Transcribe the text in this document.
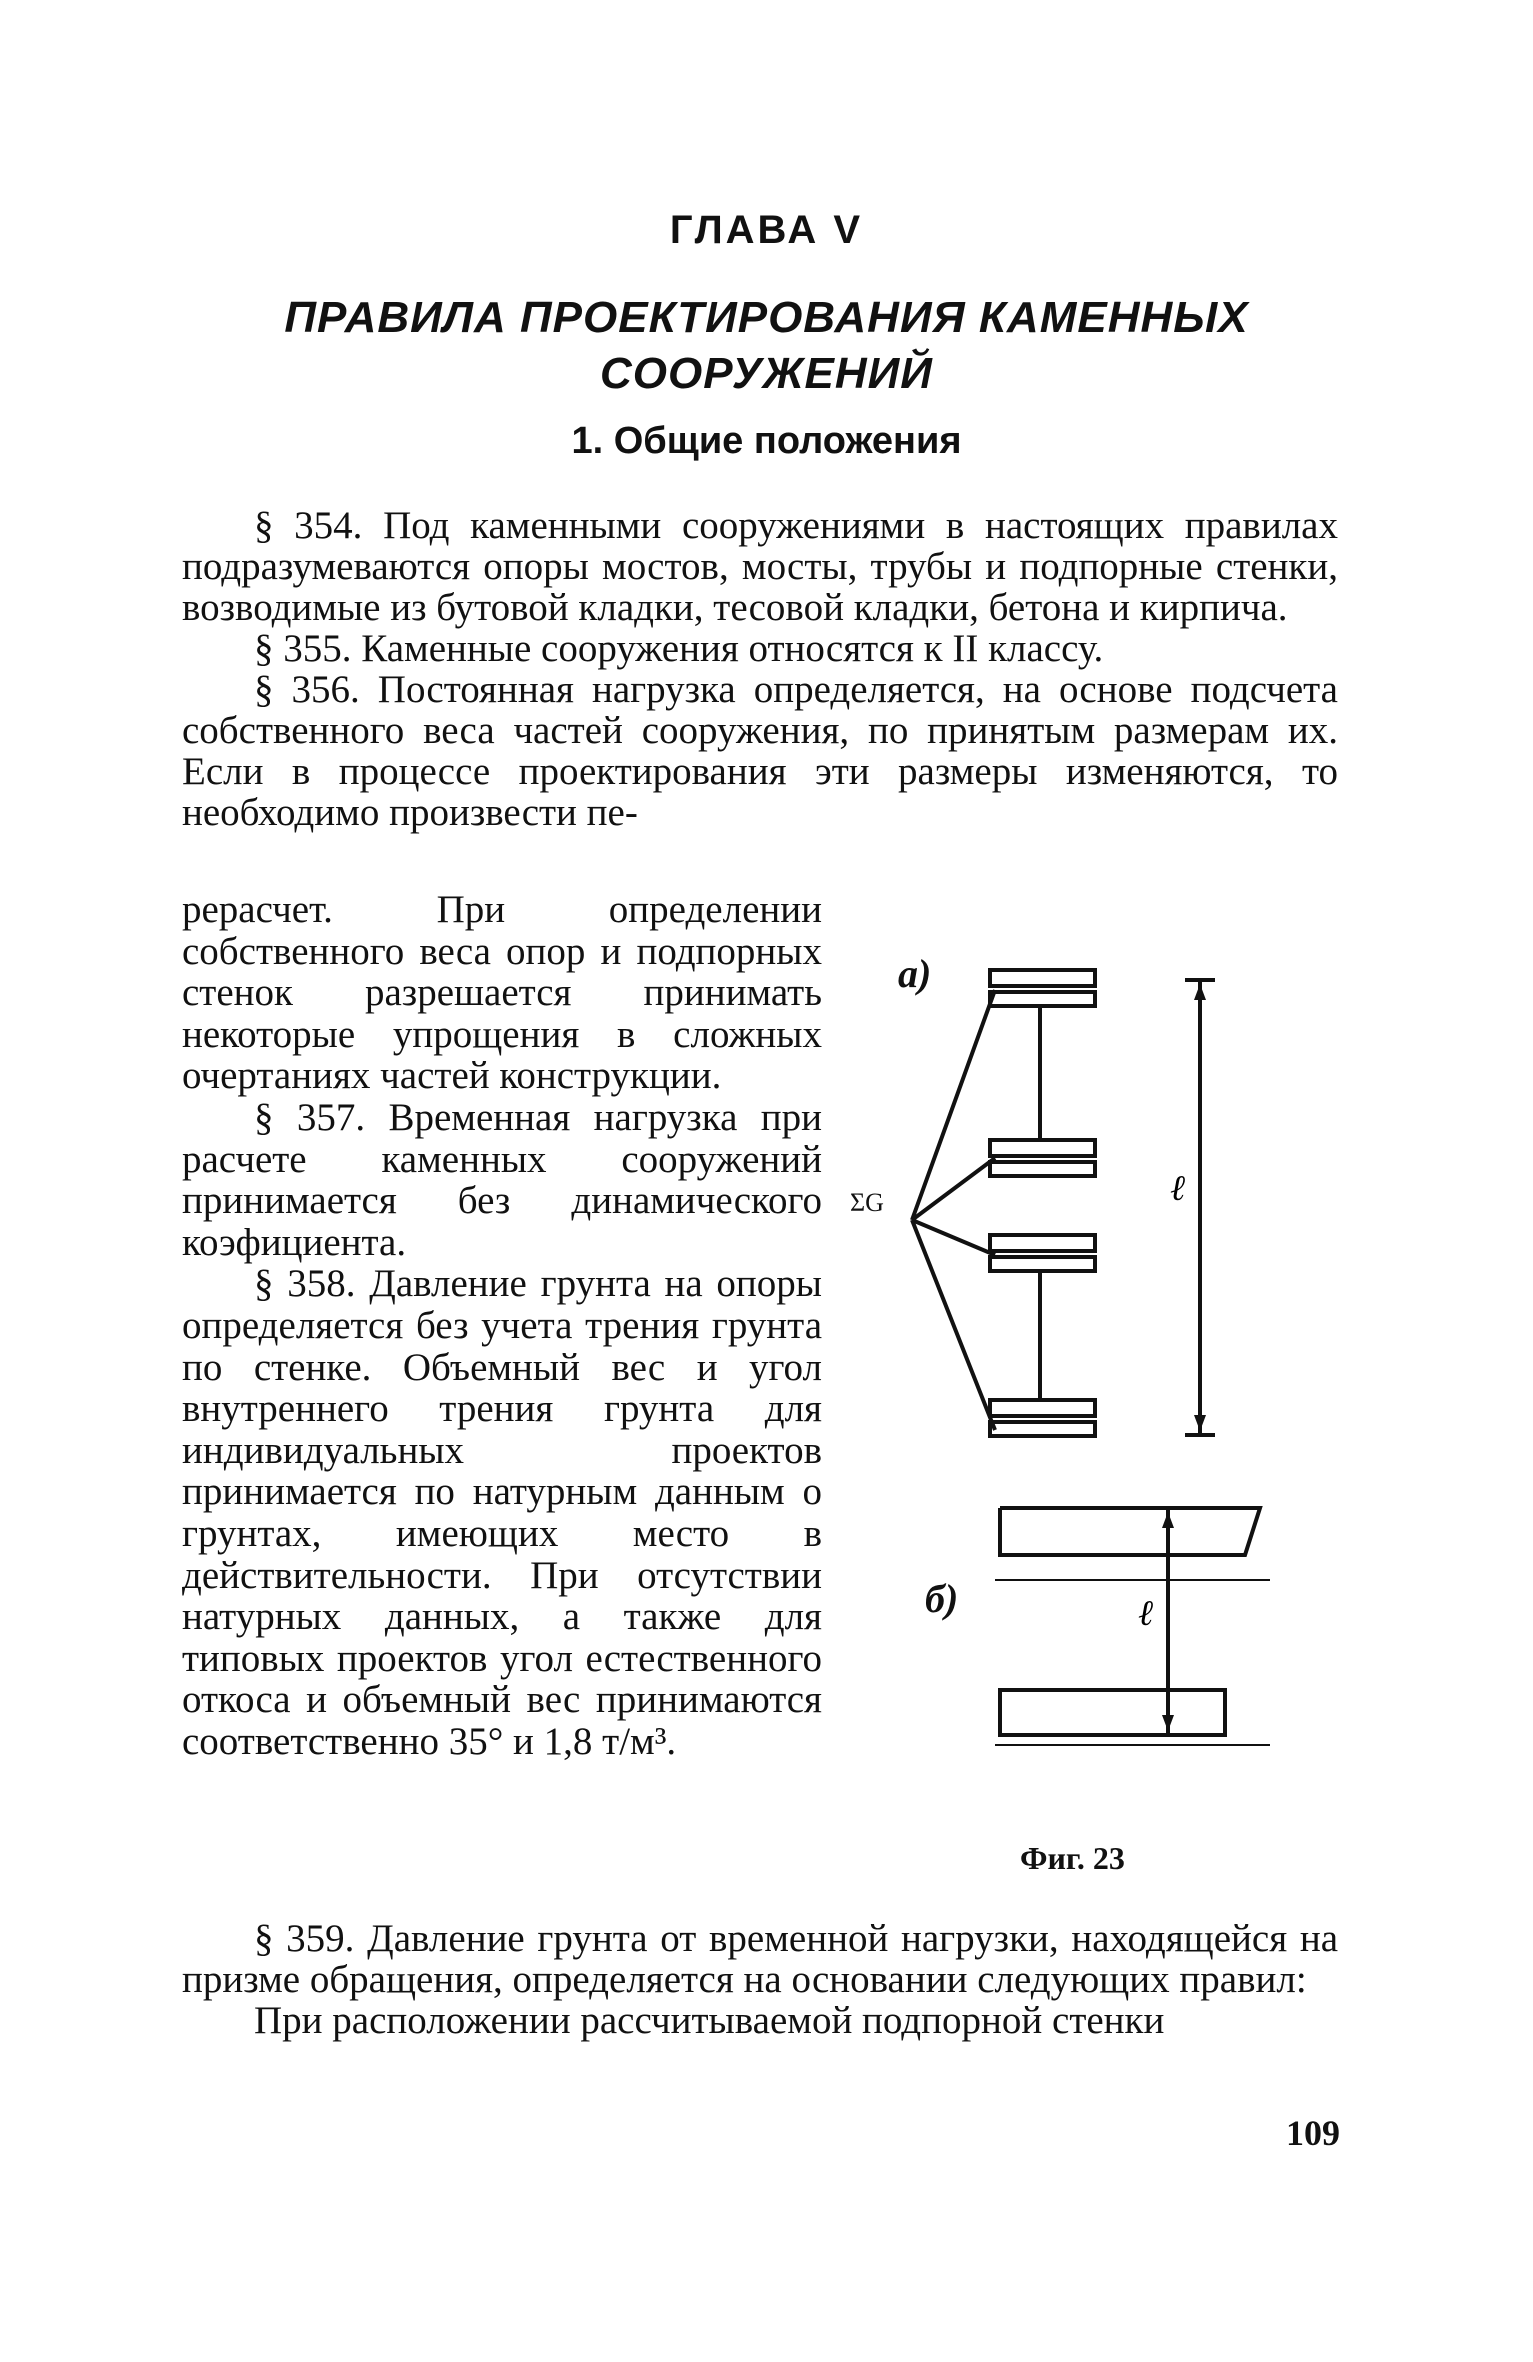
ГЛАВА V
ПРАВИЛА ПРОЕКТИРОВАНИЯ КАМЕННЫХ
СООРУЖЕНИЙ
1. Общие положения

§ 354. Под каменными сооружениями в настоящих правилах подразумеваются опоры мостов, мосты, трубы и подпорные стенки, возводимые из бутовой кладки, тесовой кладки, бетона и кирпича.

§ 355. Каменные сооружения относятся к II классу.

§ 356. Постоянная нагрузка определяется, на основе подсчета собственного веса частей сооружения, по принятым размерам их. Если в процессе проектирования эти размеры изменяются, то необходимо произвести пе-

рерасчет. При определении собственного веса опор и подпорных стенок разрешается принимать некоторые упрощения в сложных очертаниях частей конструкции.

§ 357. Временная нагрузка при расчете каменных сооружений принимается без динамического коэфициента.

§ 358. Давление грунта на опоры определяется без учета трения грунта по стенке. Объемный вес и угол внутреннего трения грунта для индивидуальных проектов принимается по натурным данным о грунтах, имеющих место в действительности. При отсутствии натурных данных, а также для типовых проектов угол естественного откоса и объемный вес принимаются соответственно 35° и 1,8 т/м³.

ℓ
ℓ
а)
б)
ΣG
Фиг. 23

§ 359. Давление грунта от временной нагрузки, находящейся на призме обращения, определяется на основании следующих правил:

При расположении рассчитываемой подпорной стенки

109
